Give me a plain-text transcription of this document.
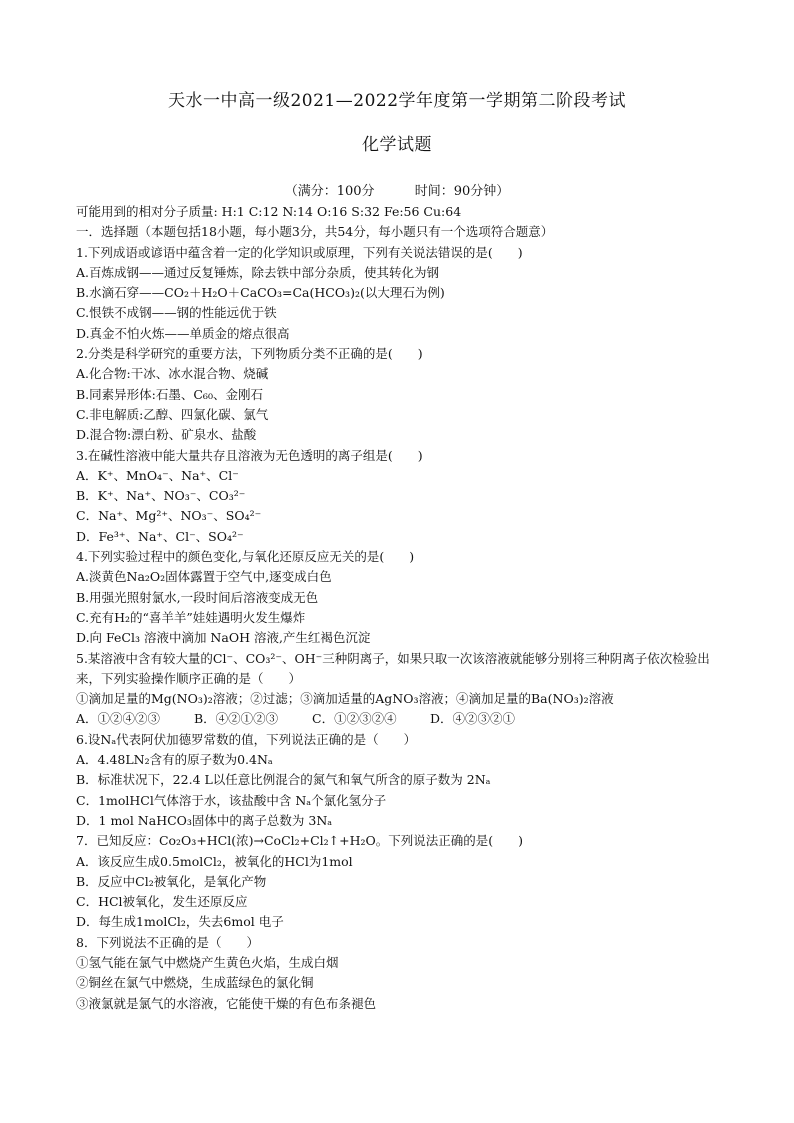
天水一中高一级2021—2022学年度第一学期第二阶段考试
化学试题
（满分：100分	时间：90分钟）
可能用到的相对分子质量: H:1 C:12 N:14 O:16 S:32 Fe:56 Cu:64
一．选择题（本题包括18小题，每小题3分，共54分，每小题只有一个选项符合题意）
1.下列成语或谚语中蕴含着一定的化学知识或原理，下列有关说法错误的是(　　)
A.百炼成钢——通过反复锤炼，除去铁中部分杂质，使其转化为钢
B.水滴石穿——CO₂＋H₂O＋CaCO₃=Ca(HCO₃)₂(以大理石为例)
C.恨铁不成钢——钢的性能远优于铁
D.真金不怕火炼——单质金的熔点很高
2.分类是科学研究的重要方法，下列物质分类不正确的是(　　)
A.化合物:干冰、冰水混合物、烧碱
B.同素异形体:石墨、C₆₀、金刚石
C.非电解质:乙醇、四氯化碳、氯气
D.混合物:漂白粉、矿泉水、盐酸
3.在碱性溶液中能大量共存且溶液为无色透明的离子组是(　　)
A．K⁺、MnO₄⁻、Na⁺、Cl⁻
B．K⁺、Na⁺、NO₃⁻、CO₃²⁻
C．Na⁺、Mg²⁺、NO₃⁻、SO₄²⁻
D．Fe³⁺、Na⁺、Cl⁻、SO₄²⁻
4.下列实验过程中的颜色变化,与氧化还原反应无关的是(　　)
A.淡黄色Na₂O₂固体露置于空气中,逐变成白色
B.用强光照射氯水,一段时间后溶液变成无色
C.充有H₂的“喜羊羊”娃娃遇明火发生爆炸
D.向 FeCl₃ 溶液中滴加 NaOH 溶液,产生红褐色沉淀
5.某溶液中含有较大量的Cl⁻、CO₃²⁻、OH⁻三种阴离子，如果只取一次该溶液就能够分别将三种阴离子依次检验出来，下列实验操作顺序正确的是（　　）
①滴加足量的Mg(NO₃)₂溶液；②过滤；③滴加适量的AgNO₃溶液；④滴加足量的Ba(NO₃)₂溶液
A．①②④②③	B．④②①②③	C．①②③②④	D．④②③②①
6.设Nₐ代表阿伏加德罗常数的值，下列说法正确的是（　　）
A．4.48LN₂含有的原子数为0.4Nₐ
B．标准状况下，22.4 L以任意比例混合的氮气和氧气所含的原子数为 2Nₐ
C．1molHCl气体溶于水，该盐酸中含 Nₐ个氯化氢分子
D．1 mol NaHCO₃固体中的离子总数为 3Nₐ
7．已知反应：Co₂O₃+HCl(浓)→CoCl₂+Cl₂↑+H₂O。下列说法正确的是(　　)
A．该反应生成0.5molCl₂，被氧化的HCl为1mol
B．反应中Cl₂被氧化，是氧化产物
C．HCl被氧化，发生还原反应
D．每生成1molCl₂，失去6mol 电子
8．下列说法不正确的是（　　）
①氢气能在氯气中燃烧产生黄色火焰，生成白烟
②铜丝在氯气中燃烧，生成蓝绿色的氯化铜
③液氯就是氯气的水溶液，它能使干燥的有色布条褪色
